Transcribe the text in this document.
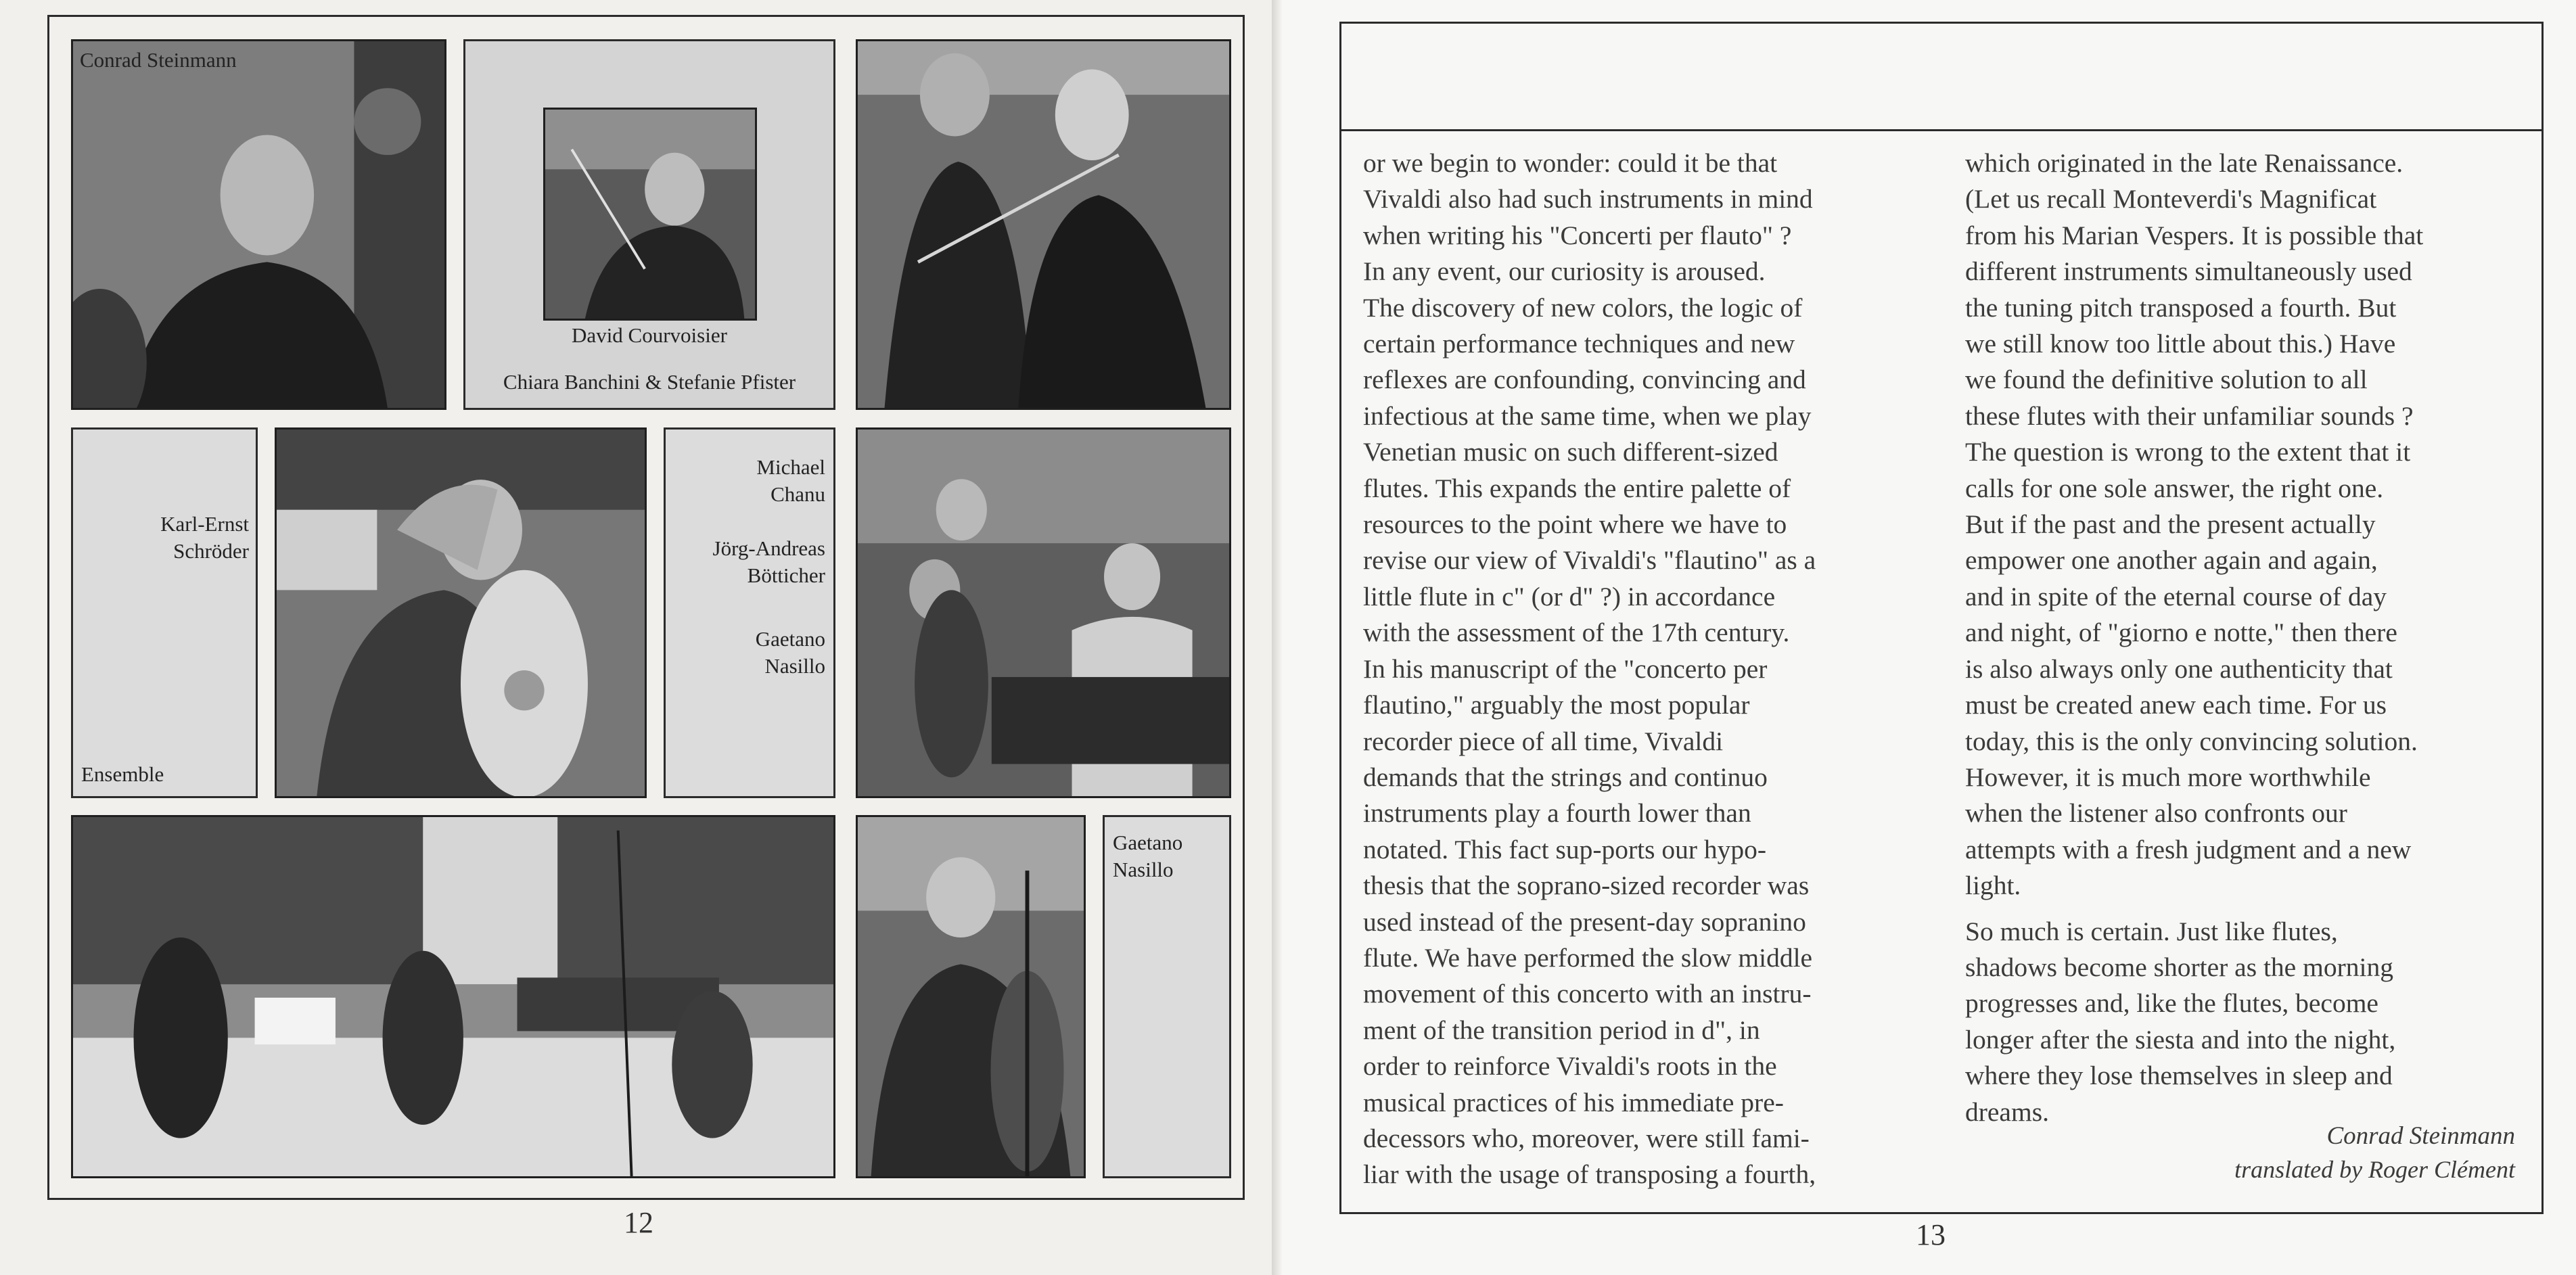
Conrad Steinmann
David Courvoisier
Chiara Banchini & Stefanie Pfister
Karl-Ernst
Schröder
Ensemble
Michael
Chanu
Jörg-Andreas
Bötticher
Gaetano
Nasillo
Gaetano
Nasillo
12

or we begin to wonder: could it be that
Vivaldi also had such instruments in mind
when writing his "Concerti per flauto" ?
In any event, our curiosity is aroused.
The discovery of new colors, the logic of
certain performance techniques and new
reflexes are confounding, convincing and
infectious at the same time, when we play
Venetian music on such different-sized
flutes. This expands the entire palette of
resources to the point where we have to
revise our view of Vivaldi's "flautino" as a
little flute in c" (or d" ?) in accordance
with the assessment of the 17th century.
In his manuscript of the "concerto per
flautino," arguably the most popular
recorder piece of all time, Vivaldi
demands that the strings and continuo
instruments play a fourth lower than
notated. This fact sup-ports our hypo-
thesis that the soprano-sized recorder was
used instead of the present-day sopranino
flute. We have performed the slow middle
movement of this concerto with an instru-
ment of the transition period in d", in
order to reinforce Vivaldi's roots in the
musical practices of his immediate pre-
decessors who, moreover, were still fami-
liar with the usage of transposing a fourth,

which originated in the late Renaissance.
(Let us recall Monteverdi's Magnificat
from his Marian Vespers. It is possible that
different instruments simultaneously used
the tuning pitch transposed a fourth. But
we still know too little about this.) Have
we found the definitive solution to all
these flutes with their unfamiliar sounds ?
The question is wrong to the extent that it
calls for one sole answer, the right one.
But if the past and the present actually
empower one another again and again,
and in spite of the eternal course of day
and night, of "giorno e notte," then there
is also always only one authenticity that
must be created anew each time. For us
today, this is the only convincing solution.
However, it is much more worthwhile
when the listener also confronts our
attempts with a fresh judgment and a new
light.

So much is certain. Just like flutes,
shadows become shorter as the morning
progresses and, like the flutes, become
longer after the siesta and into the night,
where they lose themselves in sleep and
dreams.

Conrad Steinmann
translated by Roger Clément
13
